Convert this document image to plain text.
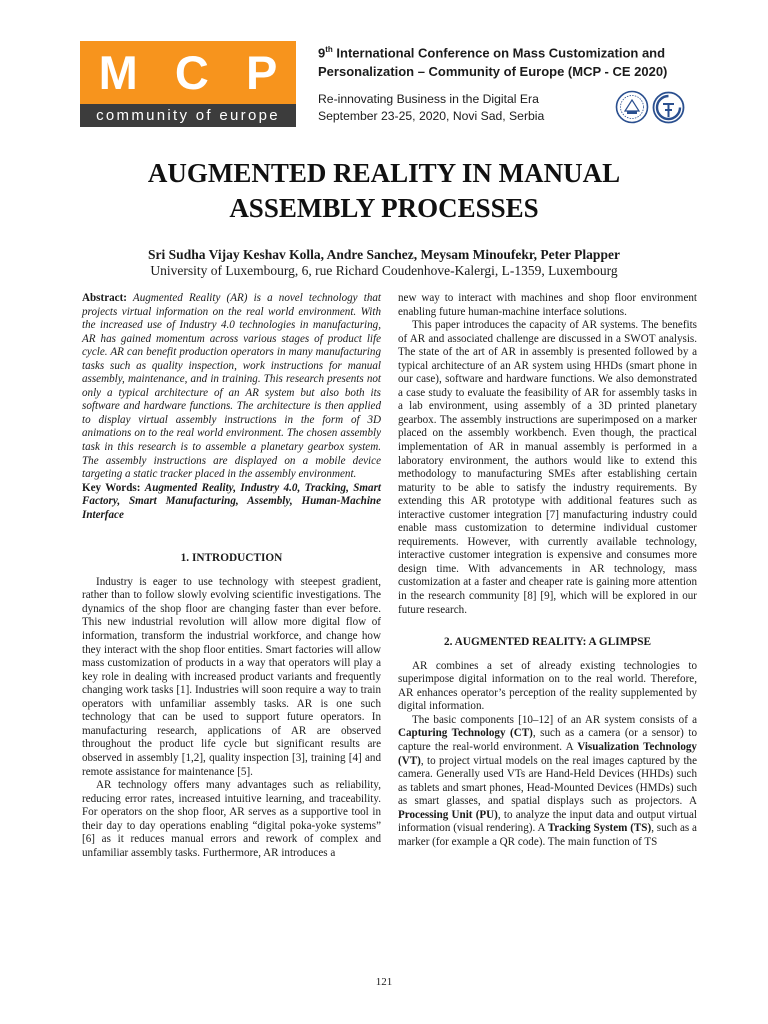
M C P
community of europe
9th International Conference on Mass Customization and
Personalization – Community of Europe (MCP - CE 2020)
Re-innovating Business in the Digital Era
September 23-25, 2020, Novi Sad, Serbia
AUGMENTED REALITY IN MANUAL
ASSEMBLY PROCESSES
Sri Sudha Vijay Keshav Kolla, Andre Sanchez, Meysam Minoufekr, Peter Plapper
University of Luxembourg, 6, rue Richard Coudenhove-Kalergi, L-1359, Luxembourg

Abstract: Augmented Reality (AR) is a novel technology that projects virtual information on the real world environment. With the increased use of Industry 4.0 technologies in manufacturing, AR has gained momentum across various stages of product life cycle. AR can benefit production operators in many manufacturing tasks such as quality inspection, work instructions for manual assembly, maintenance, and in training. This research presents not only a typical architecture of an AR system but also both its software and hardware functions. The architecture is then applied to display virtual assembly instructions in the form of 3D animations on to the real world environment. The chosen assembly task in this research is to assemble a planetary gearbox system. The assembly instructions are displayed on a mobile device targeting a static tracker placed in the assembly environment.

Key Words: Augmented Reality, Industry 4.0, Tracking, Smart Factory, Smart Manufacturing, Assembly, Human-Machine Interface

1. INTRODUCTION

Industry is eager to use technology with steepest gradient, rather than to follow slowly evolving scientific investigations. The dynamics of the shop floor are changing faster than ever before. This new industrial revolution will allow more digital flow of information, transform the industrial workforce, and change how they interact with the shop floor entities. Smart factories will allow mass customization of products in a way that operators will play a key role in dealing with increased product variants and frequently changing work tasks [1]. Industries will soon require a way to train operators with unfamiliar assembly tasks. AR is one such technology that can be used to support future operators. In manufacturing research, applications of AR are observed throughout the product life cycle but significant results are observed in assembly [1,2], quality inspection [3], training [4] and remote assistance for maintenance [5].

AR technology offers many advantages such as reliability, reducing error rates, increased intuitive learning, and traceability. For operators on the shop floor, AR serves as a supportive tool in their day to day operations enabling “digital poka-yoke systems” [6] as it reduces manual errors and rework of complex and unfamiliar assembly tasks. Furthermore, AR introduces a

new way to interact with machines and shop floor environment enabling future human-machine interface solutions.

This paper introduces the capacity of AR systems. The benefits of AR and associated challenge are discussed in a SWOT analysis. The state of the art of AR in assembly is presented followed by a typical architecture of an AR system using HHDs (smart phone in our case), software and hardware functions. We also demonstrated a case study to evaluate the feasibility of AR for assembly tasks in a lab environment, using assembly of a 3D printed planetary gearbox. The assembly instructions are superimposed on a marker placed on the assembly workbench. Even though, the practical implementation of AR in manual assembly is performed in a laboratory environment, the authors would like to extend this methodology to manufacturing SMEs after establishing certain maturity to be able to satisfy the industry requirements. By extending this AR prototype with additional features such as interactive customer integration [7] manufacturing industry could enable mass customization to determine individual customer requirements. However, with currently available technology, interactive customer integration is expensive and consumes more design time. With advancements in AR technology, mass customization at a faster and cheaper rate is gaining more attention in the research community [8] [9], which will be explored in our future research.

2. AUGMENTED REALITY: A GLIMPSE

AR combines a set of already existing technologies to superimpose digital information on to the real world. Therefore, AR enhances operator’s perception of the reality supplemented by digital information.

The basic components [10–12] of an AR system consists of a Capturing Technology (CT), such as a camera (or a sensor) to capture the real-world environment. A Visualization Technology (VT), to project virtual models on the real images captured by the camera. Generally used VTs are Hand-Held Devices (HHDs) such as tablets and smart phones, Head-Mounted Devices (HMDs) such as smart glasses, and spatial displays such as projectors. A Processing Unit (PU), to analyze the input data and output virtual information (visual rendering). A Tracking System (TS), such as a marker (for example a QR code). The main function of TS

121
